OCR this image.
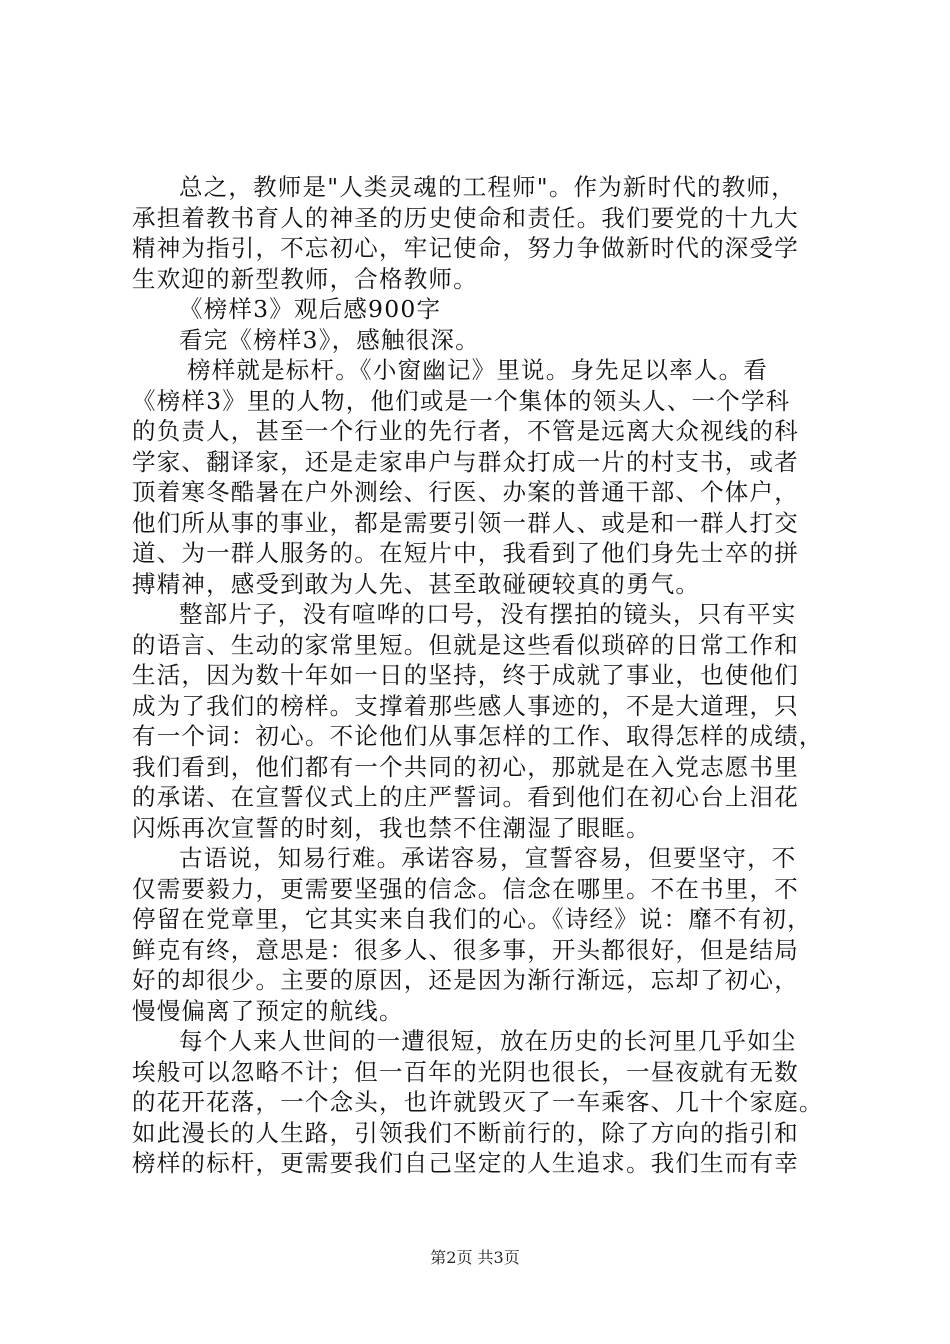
总之，教师是"人类灵魂的工程师"。作为新时代的教师，
承担着教书育人的神圣的历史使命和责任。我们要党的十九大
精神为指引，不忘初心，牢记使命，努力争做新时代的深受学
生欢迎的新型教师，合格教师。
《榜样3》观后感900字
看完《榜样3》，感触很深。
榜样就是标杆。《小窗幽记》里说。身先足以率人。看
《榜样3》里的人物，他们或是一个集体的领头人、一个学科
的负责人，甚至一个行业的先行者，不管是远离大众视线的科
学家、翻译家，还是走家串户与群众打成一片的村支书，或者
顶着寒冬酷暑在户外测绘、行医、办案的普通干部、个体户，
他们所从事的事业，都是需要引领一群人、或是和一群人打交
道、为一群人服务的。在短片中，我看到了他们身先士卒的拼
搏精神，感受到敢为人先、甚至敢碰硬较真的勇气。
整部片子，没有喧哗的口号，没有摆拍的镜头，只有平实
的语言、生动的家常里短。但就是这些看似琐碎的日常工作和
生活，因为数十年如一日的坚持，终于成就了事业，也使他们
成为了我们的榜样。支撑着那些感人事迹的，不是大道理，只
有一个词：初心。不论他们从事怎样的工作、取得怎样的成绩，
我们看到，他们都有一个共同的初心，那就是在入党志愿书里
的承诺、在宣誓仪式上的庄严誓词。看到他们在初心台上泪花
闪烁再次宣誓的时刻，我也禁不住潮湿了眼眶。
古语说，知易行难。承诺容易，宣誓容易，但要坚守，不
仅需要毅力，更需要坚强的信念。信念在哪里。不在书里，不
停留在党章里，它其实来自我们的心。《诗经》说：靡不有初，
鲜克有终，意思是：很多人、很多事，开头都很好，但是结局
好的却很少。主要的原因，还是因为渐行渐远，忘却了初心，
慢慢偏离了预定的航线。
每个人来人世间的一遭很短，放在历史的长河里几乎如尘
埃般可以忽略不计；但一百年的光阴也很长，一昼夜就有无数
的花开花落，一个念头，也许就毁灭了一车乘客、几十个家庭。
如此漫长的人生路，引领我们不断前行的，除了方向的指引和
榜样的标杆，更需要我们自己坚定的人生追求。我们生而有幸
第2页 共3页
